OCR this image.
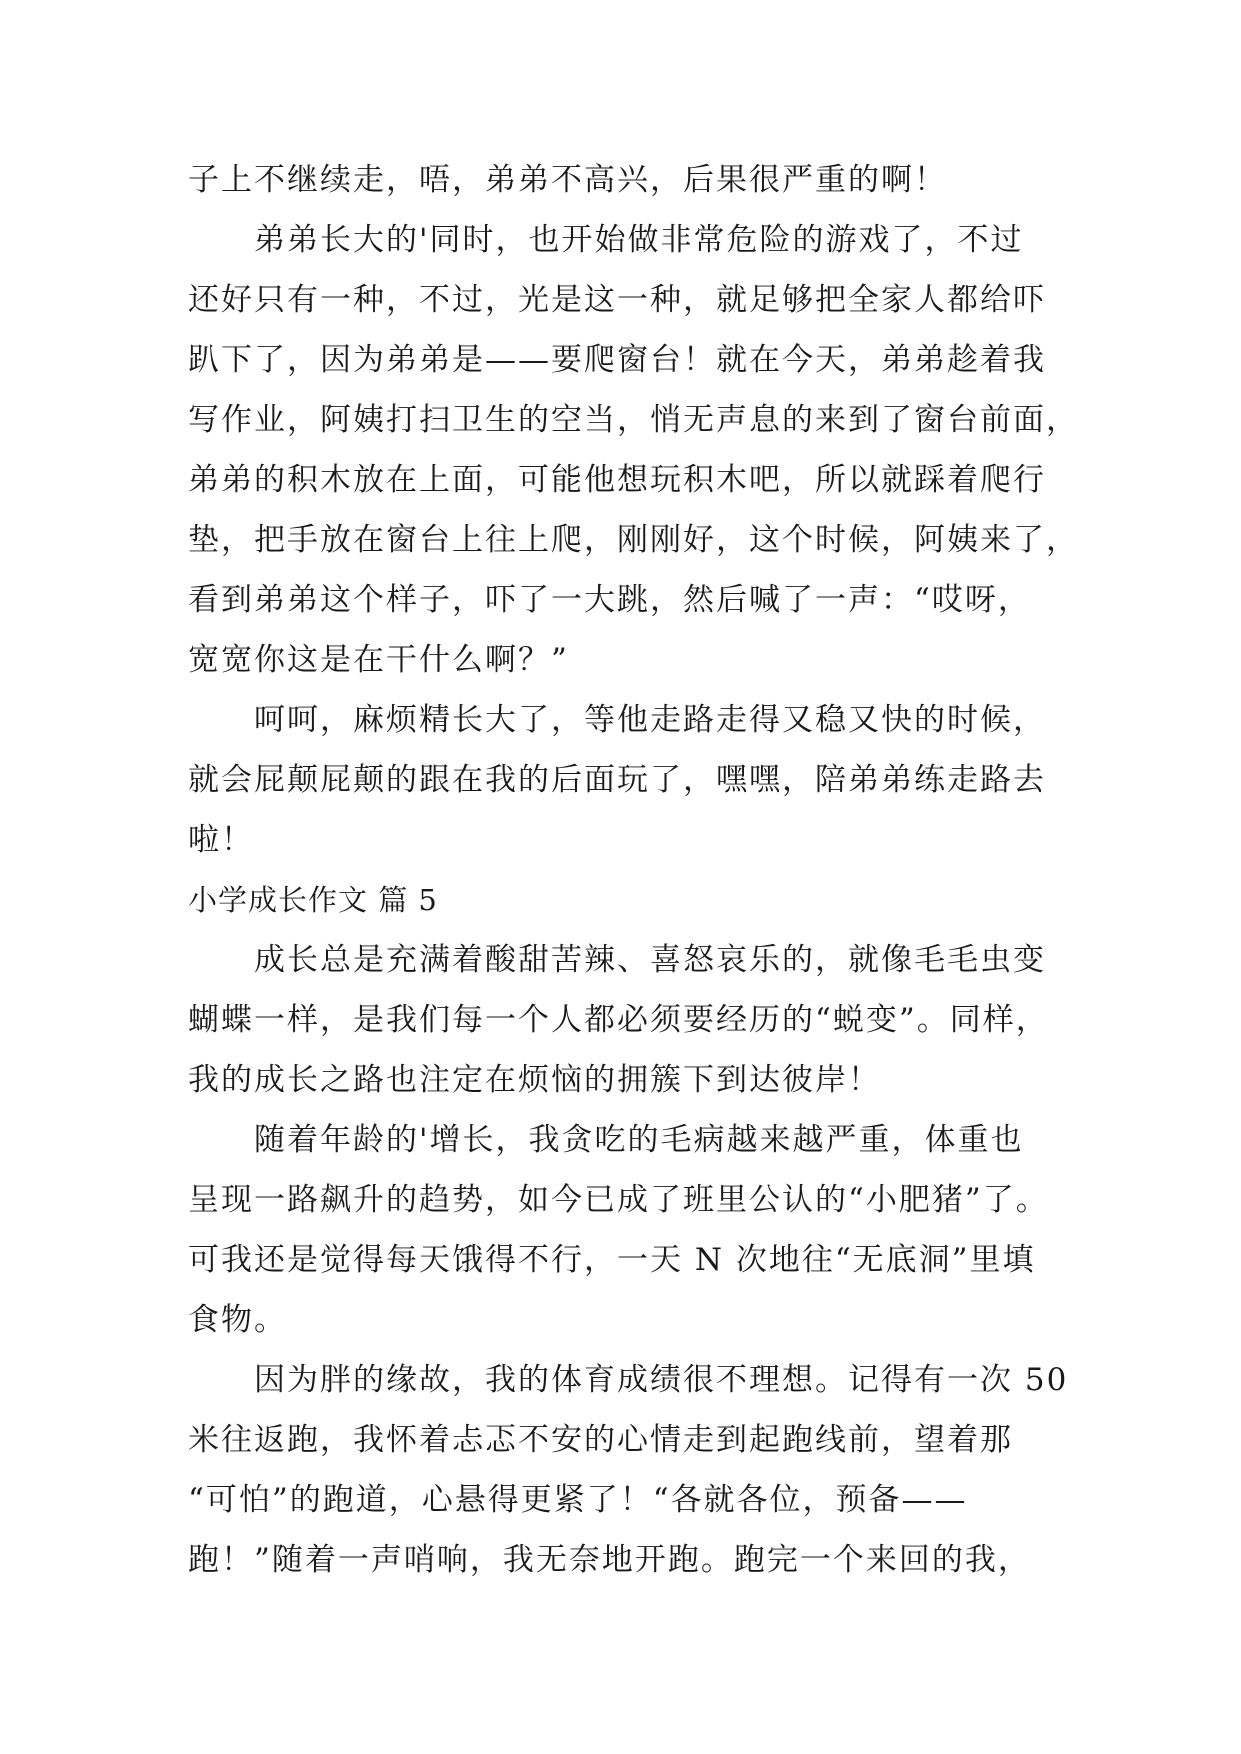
子上不继续走，唔，弟弟不高兴，后果很严重的啊！
弟弟长大的'同时，也开始做非常危险的游戏了，不过
还好只有一种，不过，光是这一种，就足够把全家人都给吓
趴下了，因为弟弟是——要爬窗台！就在今天，弟弟趁着我
写作业，阿姨打扫卫生的空当，悄无声息的来到了窗台前面，
弟弟的积木放在上面，可能他想玩积木吧，所以就踩着爬行
垫，把手放在窗台上往上爬，刚刚好，这个时候，阿姨来了，
看到弟弟这个样子，吓了一大跳，然后喊了一声：“哎呀，
宽宽你这是在干什么啊？”
呵呵，麻烦精长大了，等他走路走得又稳又快的时候，
就会屁颠屁颠的跟在我的后面玩了，嘿嘿，陪弟弟练走路去
啦！
小学成长作文 篇 5
成长总是充满着酸甜苦辣、喜怒哀乐的，就像毛毛虫变
蝴蝶一样，是我们每一个人都必须要经历的“蜕变”。同样，
我的成长之路也注定在烦恼的拥簇下到达彼岸！
随着年龄的'增长，我贪吃的毛病越来越严重，体重也
呈现一路飙升的趋势，如今已成了班里公认的“小肥猪”了。
可我还是觉得每天饿得不行，一天 N 次地往“无底洞”里填
食物。
因为胖的缘故，我的体育成绩很不理想。记得有一次 50
米往返跑，我怀着忐忑不安的心情走到起跑线前，望着那
“可怕”的跑道，心悬得更紧了！“各就各位，预备——
跑！”随着一声哨响，我无奈地开跑。跑完一个来回的我，
